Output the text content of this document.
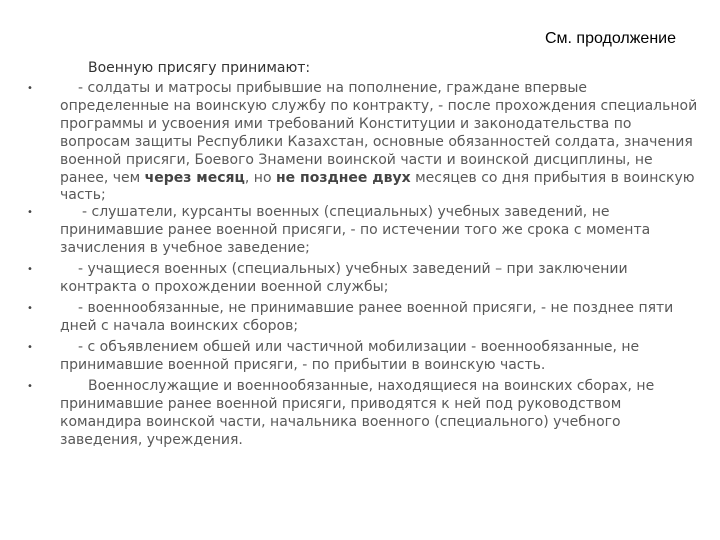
См. продолжение
Военную присягу принимают:
•	- солдаты и матросы прибывшие на пополнение, граждане впервые определенные на воинскую службу по контракту, - после прохождения специальной программы и усвоения ими требований Конституции и законодательства по вопросам защиты Республики Казахстан, основные обязанностей солдата, значения военной присяги, Боевого Знамени воинской части и воинской дисциплины, не ранее, чем через месяц, но не позднее двух месяцев со дня прибытия в воинскую часть;
•	- слушатели, курсанты военных (специальных) учебных заведений, не принимавшие ранее военной присяги, - по истечении того же срока с момента зачисления в учебное заведение;
•	- учащиеся военных (специальных) учебных заведений – при заключении контракта о прохождении военной службы;
•	- военнообязанные, не принимавшие ранее военной присяги, - не позднее пяти дней с начала воинских сборов;
•	- с объявлением обшей или частичной мобилизации - военнообязанные, не принимавшие военной присяги, - по прибытии в воинскую часть.
•	Военнослужащие и военнообязанные, находящиеся на воинских сборах, не принимавшие ранее военной присяги, приводятся к ней под руководством командира воинской части, начальника военного (специального) учебного заведения, учреждения.
